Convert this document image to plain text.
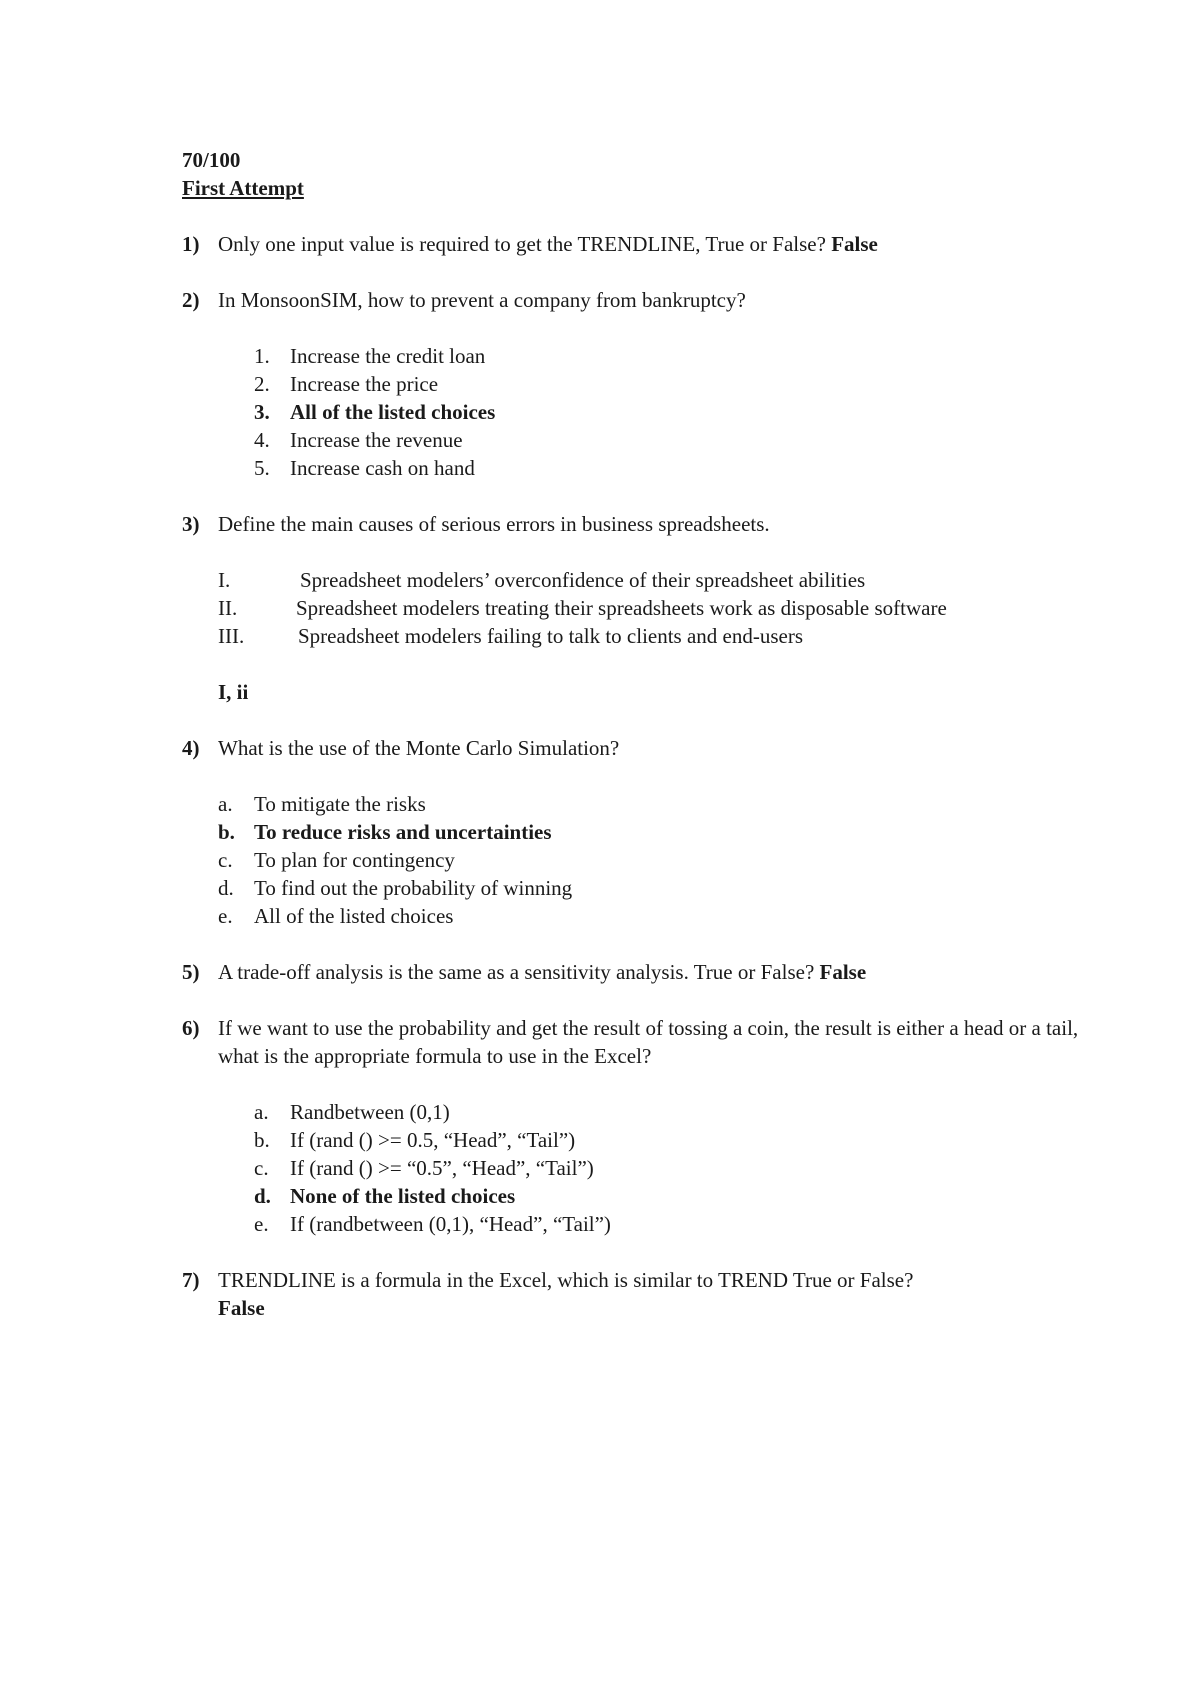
70/100
First Attempt
1) Only one input value is required to get the TRENDLINE, True or False? False
2) In MonsoonSIM, how to prevent a company from bankruptcy?
1. Increase the credit loan
2. Increase the price
3. All of the listed choices
4. Increase the revenue
5. Increase cash on hand
3) Define the main causes of serious errors in business spreadsheets.
I.	Spreadsheet modelers’ overconfidence of their spreadsheet abilities
II.	Spreadsheet modelers treating their spreadsheets work as disposable software
III.	Spreadsheet modelers failing to talk to clients and end-users
I, ii
4) What is the use of the Monte Carlo Simulation?
a. To mitigate the risks
b. To reduce risks and uncertainties
c. To plan for contingency
d. To find out the probability of winning
e. All of the listed choices
5) A trade-off analysis is the same as a sensitivity analysis. True or False? False
6) If we want to use the probability and get the result of tossing a coin, the result is either a head or a tail, what is the appropriate formula to use in the Excel?
a. Randbetween (0,1)
b. If (rand () >= 0.5, “Head”, “Tail”)
c. If (rand () >= “0.5”, “Head”, “Tail”)
d. None of the listed choices
e. If (randbetween (0,1), “Head”, “Tail”)
7) TRENDLINE is a formula in the Excel, which is similar to TREND True or False?
False
